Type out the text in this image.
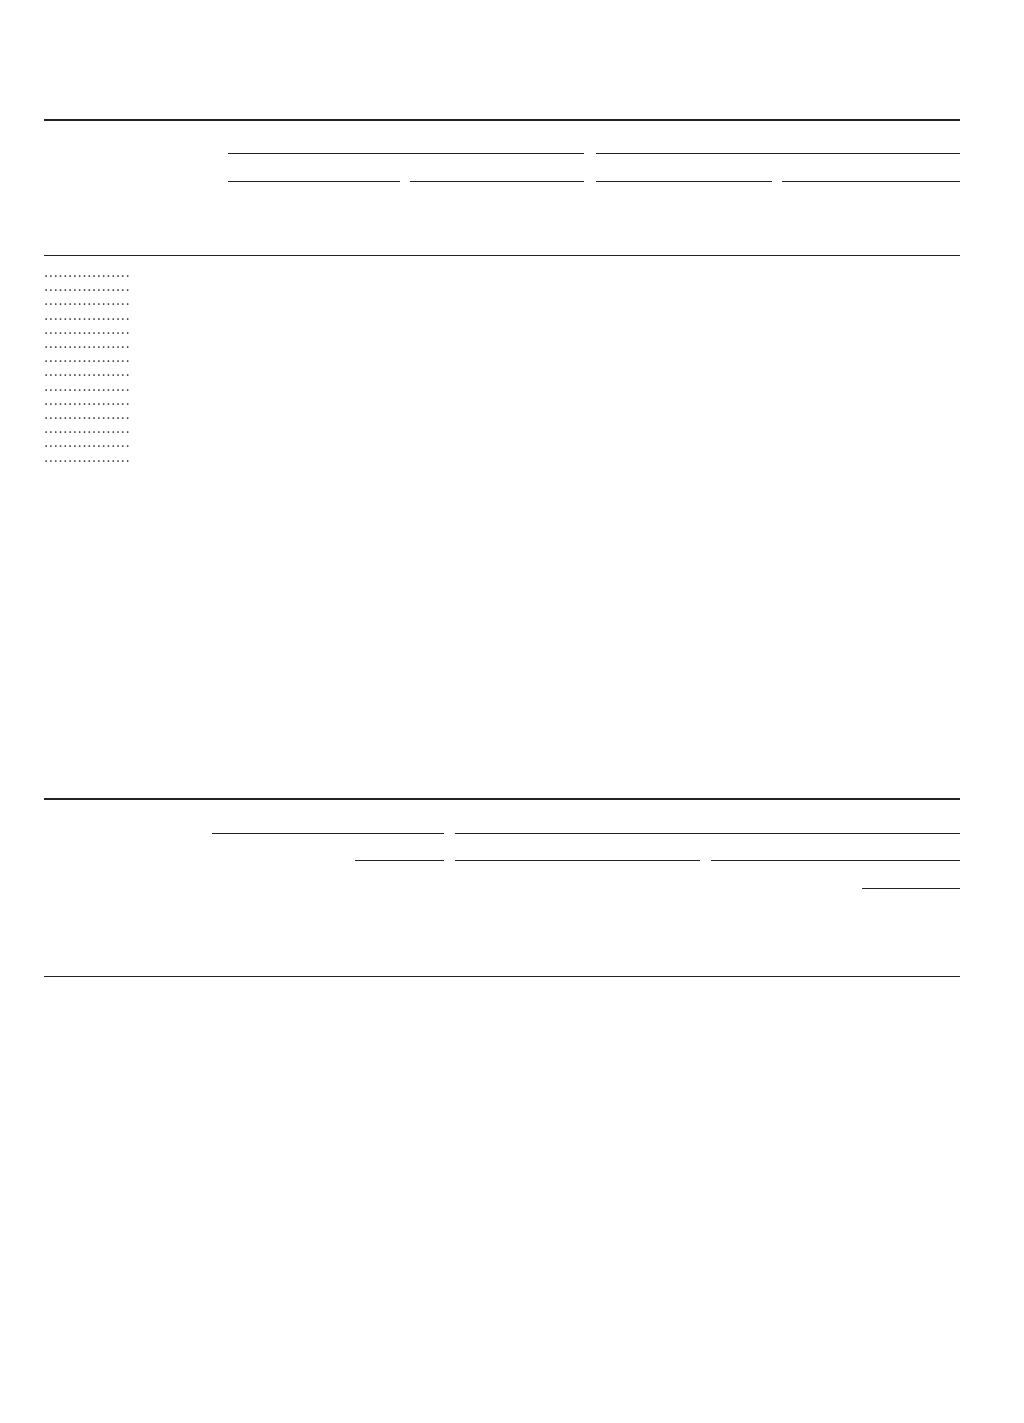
..................
..................
..................
..................
..................
..................
..................
..................
..................
..................
..................
..................
..................
..................
